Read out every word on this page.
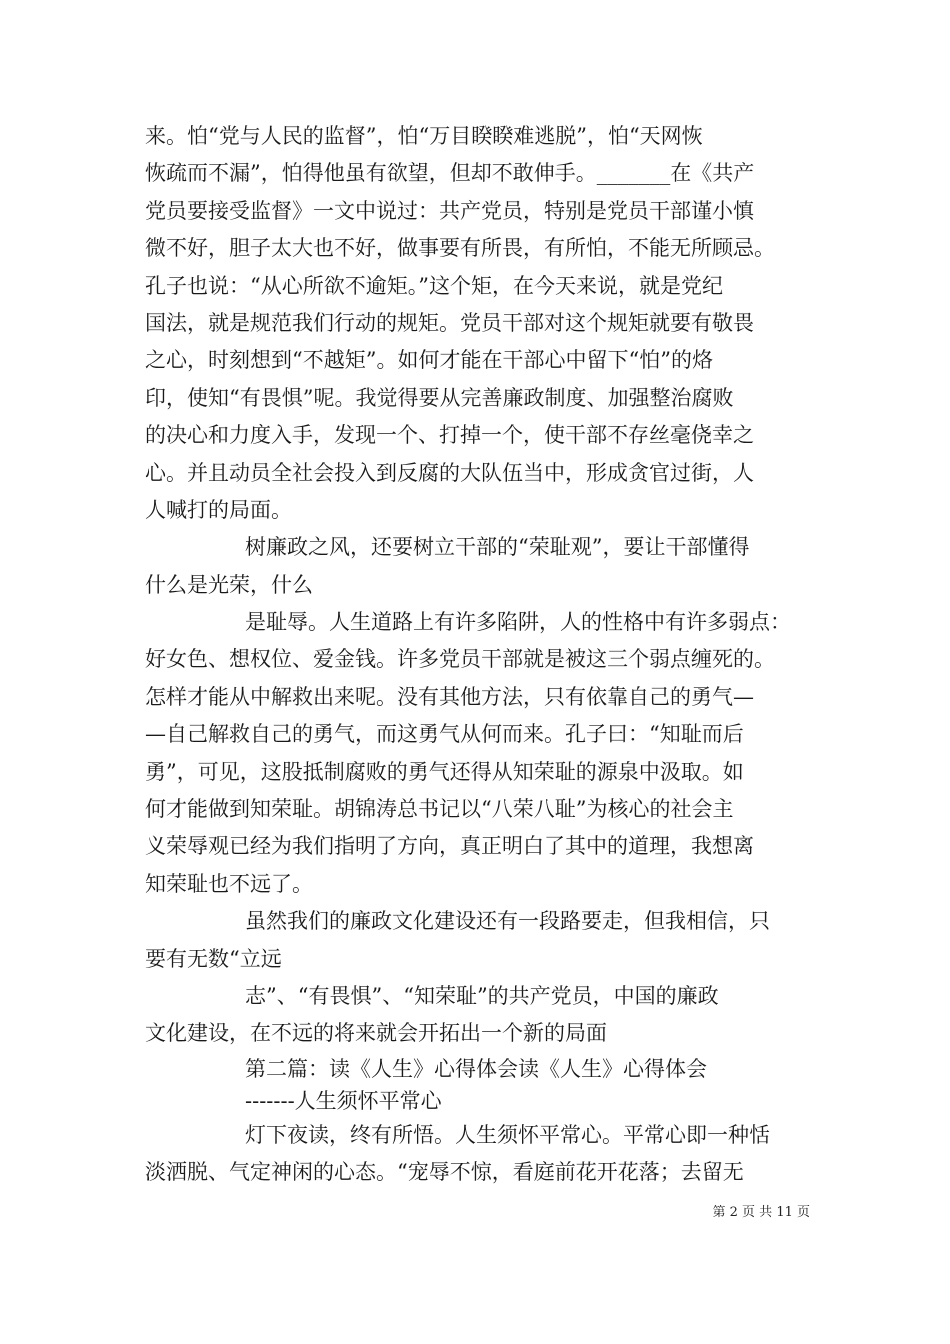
来。怕“党与人民的监督”，怕“万目睽睽难逃脱”，怕“天网恢
恢疏而不漏”，怕得他虽有欲望，但却不敢伸手。_______在《共产
党员要接受监督》一文中说过：共产党员，特别是党员干部谨小慎
微不好，胆子太大也不好，做事要有所畏，有所怕，不能无所顾忌。
孔子也说：“从心所欲不逾矩。”这个矩，在今天来说，就是党纪
国法，就是规范我们行动的规矩。党员干部对这个规矩就要有敬畏
之心，时刻想到“不越矩”。如何才能在干部心中留下“怕”的烙
印，使知“有畏惧”呢。我觉得要从完善廉政制度、加强整治腐败
的决心和力度入手，发现一个、打掉一个，使干部不存丝毫侥幸之
心。并且动员全社会投入到反腐的大队伍当中，形成贪官过街，人
人喊打的局面。
树廉政之风，还要树立干部的“荣耻观”，要让干部懂得
什么是光荣，什么
是耻辱。人生道路上有许多陷阱，人的性格中有许多弱点：
好女色、想权位、爱金钱。许多党员干部就是被这三个弱点缠死的。
怎样才能从中解救出来呢。没有其他方法，只有依靠自己的勇气—
—自己解救自己的勇气，而这勇气从何而来。孔子曰：“知耻而后
勇”，可见，这股抵制腐败的勇气还得从知荣耻的源泉中汲取。如
何才能做到知荣耻。胡锦涛总书记以“八荣八耻”为核心的社会主
义荣辱观已经为我们指明了方向，真正明白了其中的道理，我想离
知荣耻也不远了。
虽然我们的廉政文化建设还有一段路要走，但我相信，只
要有无数“立远
志”、“有畏惧”、“知荣耻”的共产党员，中国的廉政
文化建设，在不远的将来就会开拓出一个新的局面
第二篇：读《人生》心得体会读《人生》心得体会
-------人生须怀平常心
灯下夜读，终有所悟。人生须怀平常心。平常心即一种恬
淡洒脱、气定神闲的心态。“宠辱不惊，看庭前花开花落；去留无
第 2 页 共 11 页
